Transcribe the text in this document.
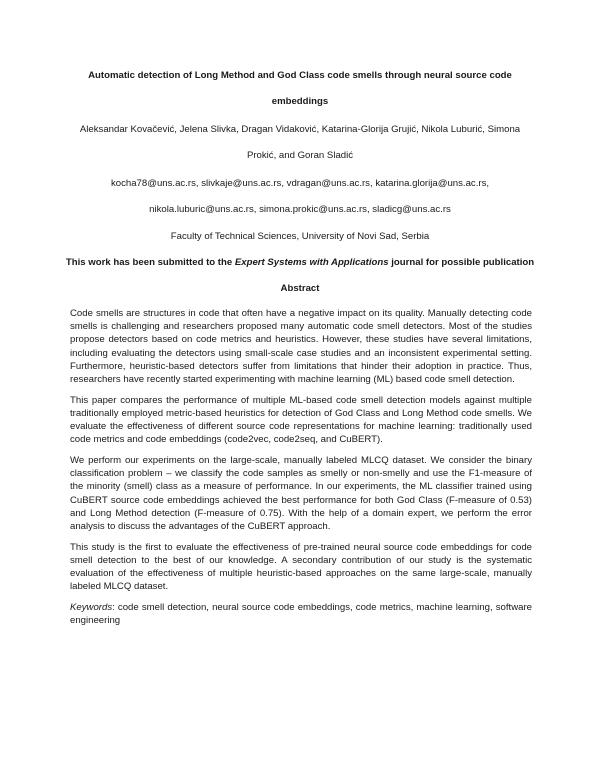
Automatic detection of Long Method and God Class code smells through neural source code
embeddings
Aleksandar Kovačević, Jelena Slivka, Dragan Vidaković, Katarina-Glorija Grujić, Nikola Luburić, Simona
Prokić, and Goran Sladić
kocha78@uns.ac.rs, slivkaje@uns.ac.rs, vdragan@uns.ac.rs, katarina.glorija@uns.ac.rs,
nikola.luburic@uns.ac.rs, simona.prokic@uns.ac.rs, sladicg@uns.ac.rs
Faculty of Technical Sciences, University of Novi Sad, Serbia
This work has been submitted to the Expert Systems with Applications journal for possible publication
Abstract

Code smells are structures in code that often have a negative impact on its quality. Manually detecting code smells is challenging and researchers proposed many automatic code smell detectors. Most of the studies propose detectors based on code metrics and heuristics. However, these studies have several limitations, including evaluating the detectors using small-scale case studies and an inconsistent experimental setting. Furthermore, heuristic-based detectors suffer from limitations that hinder their adoption in practice. Thus, researchers have recently started experimenting with machine learning (ML) based code smell detection.

This paper compares the performance of multiple ML-based code smell detection models against multiple traditionally employed metric-based heuristics for detection of God Class and Long Method code smells. We evaluate the effectiveness of different source code representations for machine learning: traditionally used code metrics and code embeddings (code2vec, code2seq, and CuBERT).

We perform our experiments on the large-scale, manually labeled MLCQ dataset. We consider the binary classification problem – we classify the code samples as smelly or non-smelly and use the F1-measure of the minority (smell) class as a measure of performance. In our experiments, the ML classifier trained using CuBERT source code embeddings achieved the best performance for both God Class (F-measure of 0.53) and Long Method detection (F-measure of 0.75). With the help of a domain expert, we perform the error analysis to discuss the advantages of the CuBERT approach.

This study is the first to evaluate the effectiveness of pre-trained neural source code embeddings for code smell detection to the best of our knowledge. A secondary contribution of our study is the systematic evaluation of the effectiveness of multiple heuristic-based approaches on the same large-scale, manually labeled MLCQ dataset.

Keywords: code smell detection, neural source code embeddings, code metrics, machine learning, software engineering
